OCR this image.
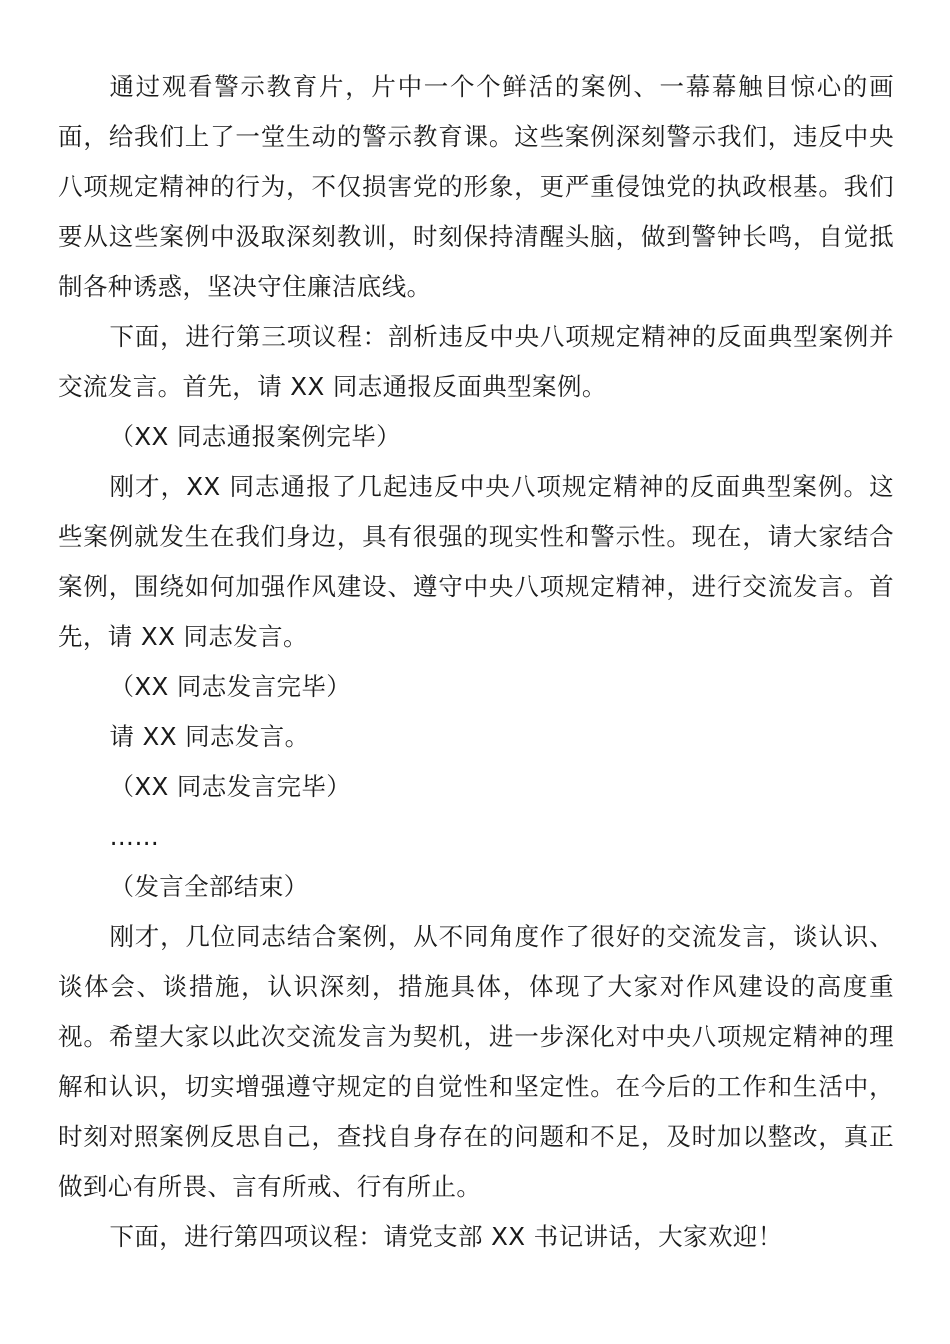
通过观看警示教育片，片中一个个鲜活的案例、一幕幕触目惊心的画面，给我们上了一堂生动的警示教育课。这些案例深刻警示我们，违反中央八项规定精神的行为，不仅损害党的形象，更严重侵蚀党的执政根基。我们要从这些案例中汲取深刻教训，时刻保持清醒头脑，做到警钟长鸣，自觉抵制各种诱惑，坚决守住廉洁底线。

下面，进行第三项议程：剖析违反中央八项规定精神的反面典型案例并交流发言。首先，请 XX 同志通报反面典型案例。

（XX 同志通报案例完毕）

刚才，XX 同志通报了几起违反中央八项规定精神的反面典型案例。这些案例就发生在我们身边，具有很强的现实性和警示性。现在，请大家结合案例，围绕如何加强作风建设、遵守中央八项规定精神，进行交流发言。首先，请 XX 同志发言。

（XX 同志发言完毕）

请 XX 同志发言。

（XX 同志发言完毕）

……

（发言全部结束）

刚才，几位同志结合案例，从不同角度作了很好的交流发言，谈认识、谈体会、谈措施，认识深刻，措施具体，体现了大家对作风建设的高度重视。希望大家以此次交流发言为契机，进一步深化对中央八项规定精神的理解和认识，切实增强遵守规定的自觉性和坚定性。在今后的工作和生活中，时刻对照案例反思自己，查找自身存在的问题和不足，及时加以整改，真正做到心有所畏、言有所戒、行有所止。

下面，进行第四项议程：请党支部 XX 书记讲话，大家欢迎！
